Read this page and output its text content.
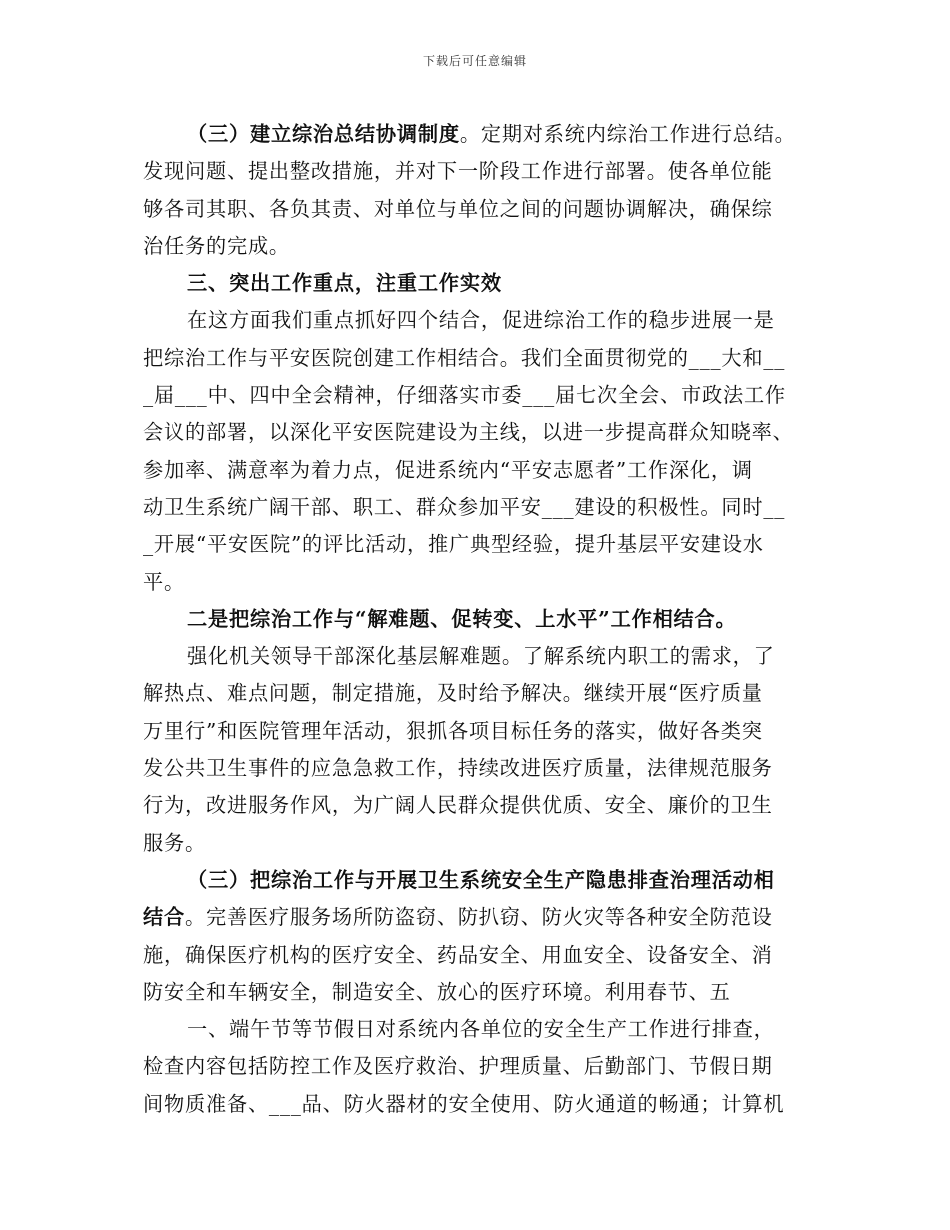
下载后可任意编辑
（三）建立综治总结协调制度。定期对系统内综治工作进行总结。
发现问题、提出整改措施，并对下一阶段工作进行部署。使各单位能
够各司其职、各负其责、对单位与单位之间的问题协调解决，确保综
治任务的完成。
三、突出工作重点，注重工作实效
在这方面我们重点抓好四个结合，促进综治工作的稳步进展一是
把综治工作与平安医院创建工作相结合。我们全面贯彻党的___大和__
_届___中、四中全会精神，仔细落实市委___届七次全会、市政法工作
会议的部署，以深化平安医院建设为主线，以进一步提高群众知晓率、
参加率、满意率为着力点，促进系统内“平安志愿者”工作深化，调
动卫生系统广阔干部、职工、群众参加平安___建设的积极性。同时__
_开展“平安医院”的评比活动，推广典型经验，提升基层平安建设水
平。
二是把综治工作与“解难题、促转变、上水平”工作相结合。
强化机关领导干部深化基层解难题。了解系统内职工的需求，了
解热点、难点问题，制定措施，及时给予解决。继续开展“医疗质量
万里行”和医院管理年活动，狠抓各项目标任务的落实，做好各类突
发公共卫生事件的应急急救工作，持续改进医疗质量，法律规范服务
行为，改进服务作风，为广阔人民群众提供优质、安全、廉价的卫生
服务。
（三）把综治工作与开展卫生系统安全生产隐患排查治理活动相
结合。完善医疗服务场所防盗窃、防扒窃、防火灾等各种安全防范设
施，确保医疗机构的医疗安全、药品安全、用血安全、设备安全、消
防安全和车辆安全，制造安全、放心的医疗环境。利用春节、五
一、端午节等节假日对系统内各单位的安全生产工作进行排查，
检查内容包括防控工作及医疗救治、护理质量、后勤部门、节假日期
间物质准备、___品、防火器材的安全使用、防火通道的畅通；计算机
